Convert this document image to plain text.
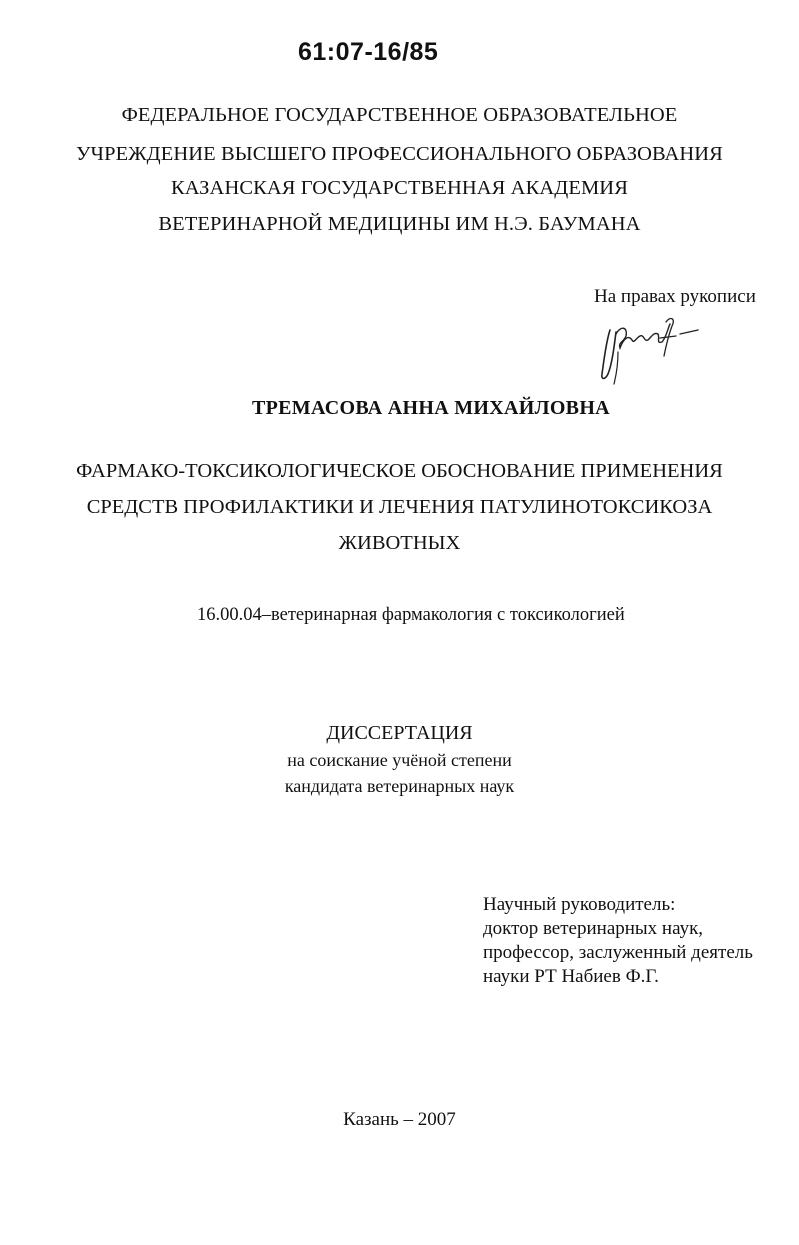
61:07-16/85
ФЕДЕРАЛЬНОЕ ГОСУДАРСТВЕННОЕ ОБРАЗОВАТЕЛЬНОЕ
УЧРЕЖДЕНИЕ ВЫСШЕГО ПРОФЕССИОНАЛЬНОГО ОБРАЗОВАНИЯ
КАЗАНСКАЯ ГОСУДАРСТВЕННАЯ АКАДЕМИЯ
ВЕТЕРИНАРНОЙ МЕДИЦИНЫ ИМ Н.Э. БАУМАНА
На правах рукописи
ТРЕМАСОВА АННА МИХАЙЛОВНА
ФАРМАКО-ТОКСИКОЛОГИЧЕСКОЕ ОБОСНОВАНИЕ ПРИМЕНЕНИЯ
СРЕДСТВ ПРОФИЛАКТИКИ И ЛЕЧЕНИЯ ПАТУЛИНОТОКСИКОЗА
ЖИВОТНЫХ
16.00.04–ветеринарная фармакология с токсикологией
ДИССЕРТАЦИЯ
на соискание учёной степени
кандидата ветеринарных наук
Научный руководитель:
доктор ветеринарных наук,
профессор, заслуженный деятель
науки РТ Набиев Ф.Г.
Казань – 2007
